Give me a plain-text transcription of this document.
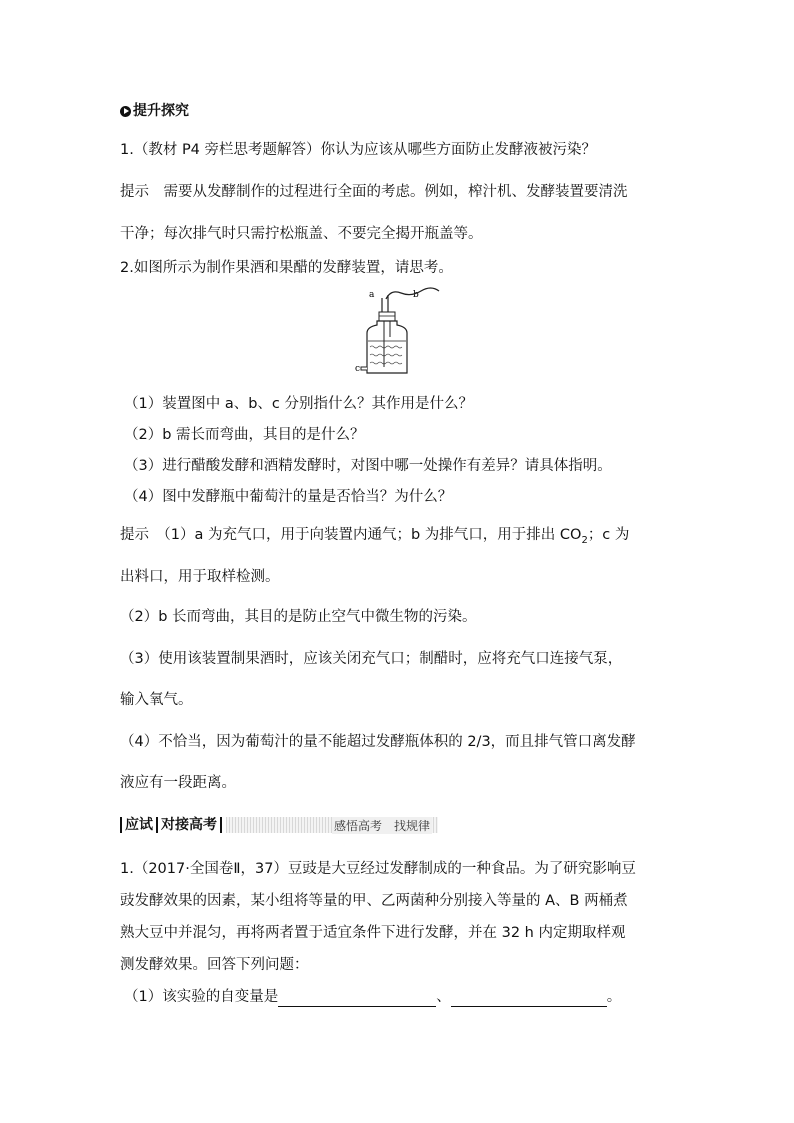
提升探究
1.（教材 P4 旁栏思考题解答）你认为应该从哪些方面防止发酵液被污染？
提示　需要从发酵制作的过程进行全面的考虑。例如，榨汁机、发酵装置要清洗
干净；每次排气时只需拧松瓶盖、不要完全揭开瓶盖等。
2.如图所示为制作果酒和果醋的发酵装置，请思考。
a	b
c
（1）装置图中 a、b、c 分别指什么？其作用是什么？
（2）b 需长而弯曲，其目的是什么？
（3）进行醋酸发酵和酒精发酵时，对图中哪一处操作有差异？请具体指明。
（4）图中发酵瓶中葡萄汁的量是否恰当？为什么？
提示　（1）a 为充气口，用于向装置内通气；b 为排气口，用于排出 $CO_2$；c 为
出料口，用于取样检测。
（2）b 长而弯曲，其目的是防止空气中微生物的污染。
（3）使用该装置制果酒时，应该关闭充气口；制醋时，应将充气口连接气泵，
输入氧气。
（4）不恰当，因为葡萄汁的量不能超过发酵瓶体积的 2/3，而且排气管口离发酵
液应有一段距离。
应试 对接高考	感悟高考　找规律
1.（2017·全国卷Ⅱ，37）豆豉是大豆经过发酵制成的一种食品。为了研究影响豆
豉发酵效果的因素，某小组将等量的甲、乙两菌种分别接入等量的 A、B 两桶煮
熟大豆中并混匀，再将两者置于适宜条件下进行发酵，并在 32 h 内定期取样观
测发酵效果。回答下列问题：
（1）该实验的自变量是	、	。
